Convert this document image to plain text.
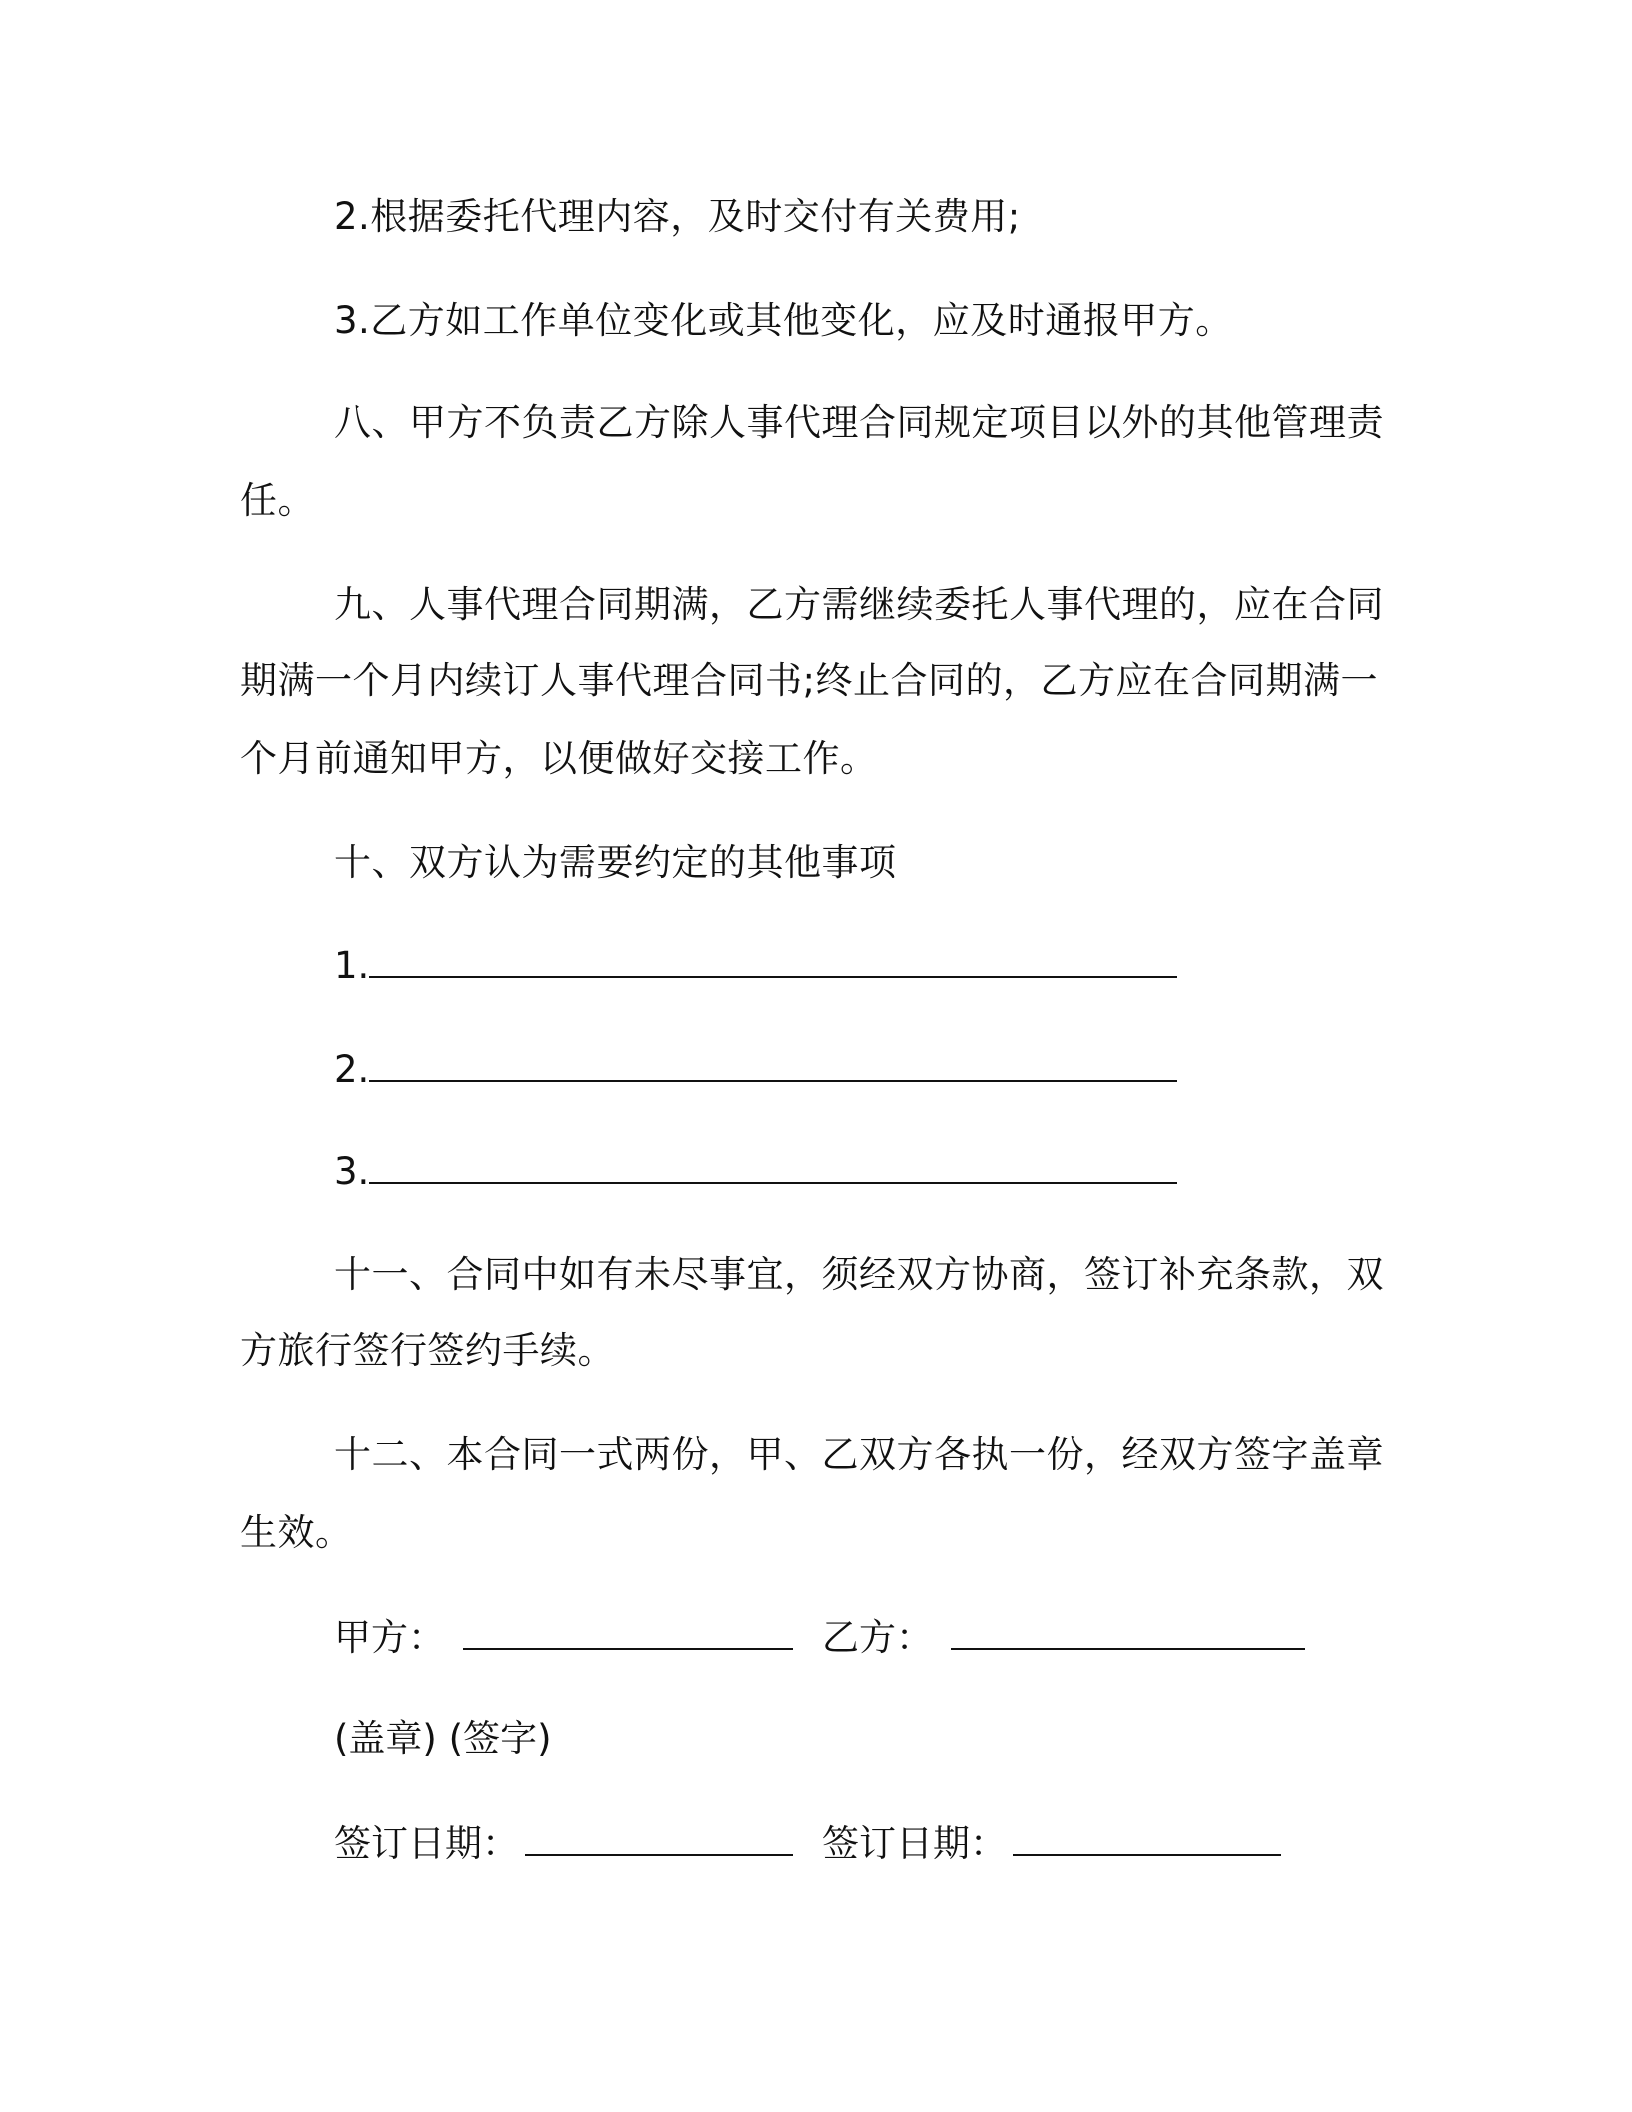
2.根据委托代理内容，及时交付有关费用;
3.乙方如工作单位变化或其他变化，应及时通报甲方。
八、甲方不负责乙方除人事代理合同规定项目以外的其他管理责
任。
九、人事代理合同期满，乙方需继续委托人事代理的，应在合同
期满一个月内续订人事代理合同书;终止合同的，乙方应在合同期满一
个月前通知甲方，以便做好交接工作。
十、双方认为需要约定的其他事项
1.
2.
3.
十一、合同中如有未尽事宜，须经双方协商，签订补充条款，双
方旅行签行签约手续。
十二、本合同一式两份，甲、乙双方各执一份，经双方签字盖章
生效。
甲方：	乙方：
(盖章) (签字)
签订日期：	签订日期：
